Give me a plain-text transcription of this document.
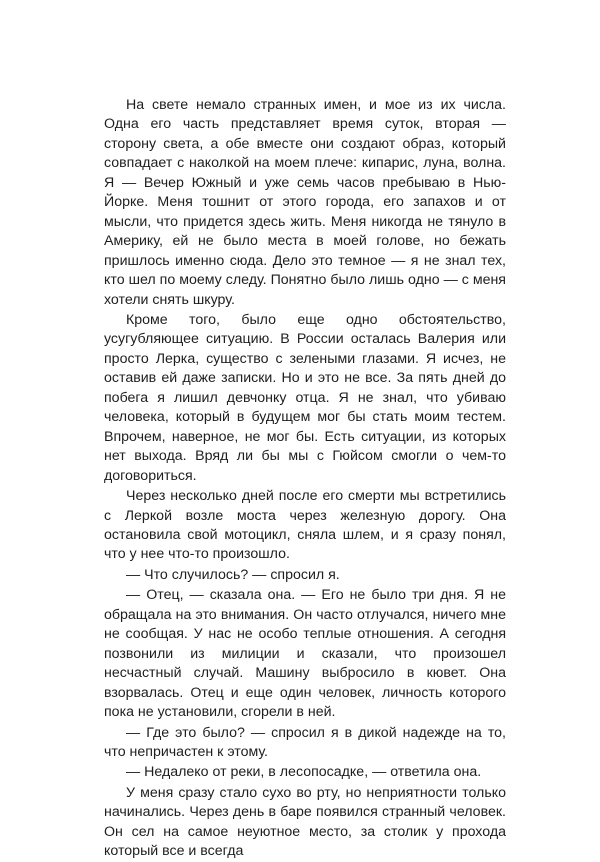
На свете немало странных имен, и мое из их числа. Одна его часть представляет время суток, вторая — сторону света, а обе вместе они создают образ, который совпадает с наколкой на моем плече: кипарис, луна, волна. Я — Вечер Южный и уже семь часов пребываю в Нью-Йорке. Меня тошнит от этого города, его запахов и от мысли, что придется здесь жить. Меня никогда не тянуло в Америку, ей не было места в моей голове, но бежать пришлось именно сюда. Дело это темное — я не знал тех, кто шел по моему следу. Понятно было лишь одно — с меня хотели снять шкуру.

Кроме того, было еще одно обстоятельство, усугубляющее ситуацию. В России осталась Валерия или просто Лерка, существо с зелеными глазами. Я исчез, не оставив ей даже записки. Но и это не все. За пять дней до побега я лишил девчонку отца. Я не знал, что убиваю человека, который в будущем мог бы стать моим тестем. Впрочем, наверное, не мог бы. Есть ситуации, из которых нет выхода. Вряд ли бы мы с Гюйсом смогли о чем-то договориться.

Через несколько дней после его смерти мы встретились с Леркой возле моста через железную дорогу. Она остановила свой мотоцикл, сняла шлем, и я сразу понял, что у нее что-то произошло.

— Что случилось? — спросил я.

— Отец, — сказала она. — Его не было три дня. Я не обращала на это внимания. Он часто отлучался, ничего мне не сообщая. У нас не особо теплые отношения. А сегодня позвонили из милиции и сказали, что произошел несчастный случай. Машину выбросило в кювет. Она взорвалась. Отец и еще один человек, личность которого пока не установили, сгорели в ней.

— Где это было? — спросил я в дикой надежде на то, что непричастен к этому.

— Недалеко от реки, в лесопосадке, — ответила она.

У меня сразу стало сухо во рту, но неприятности только начинались. Через день в баре появился странный человек. Он сел на самое неуютное место, за столик у прохода который все и всегда
